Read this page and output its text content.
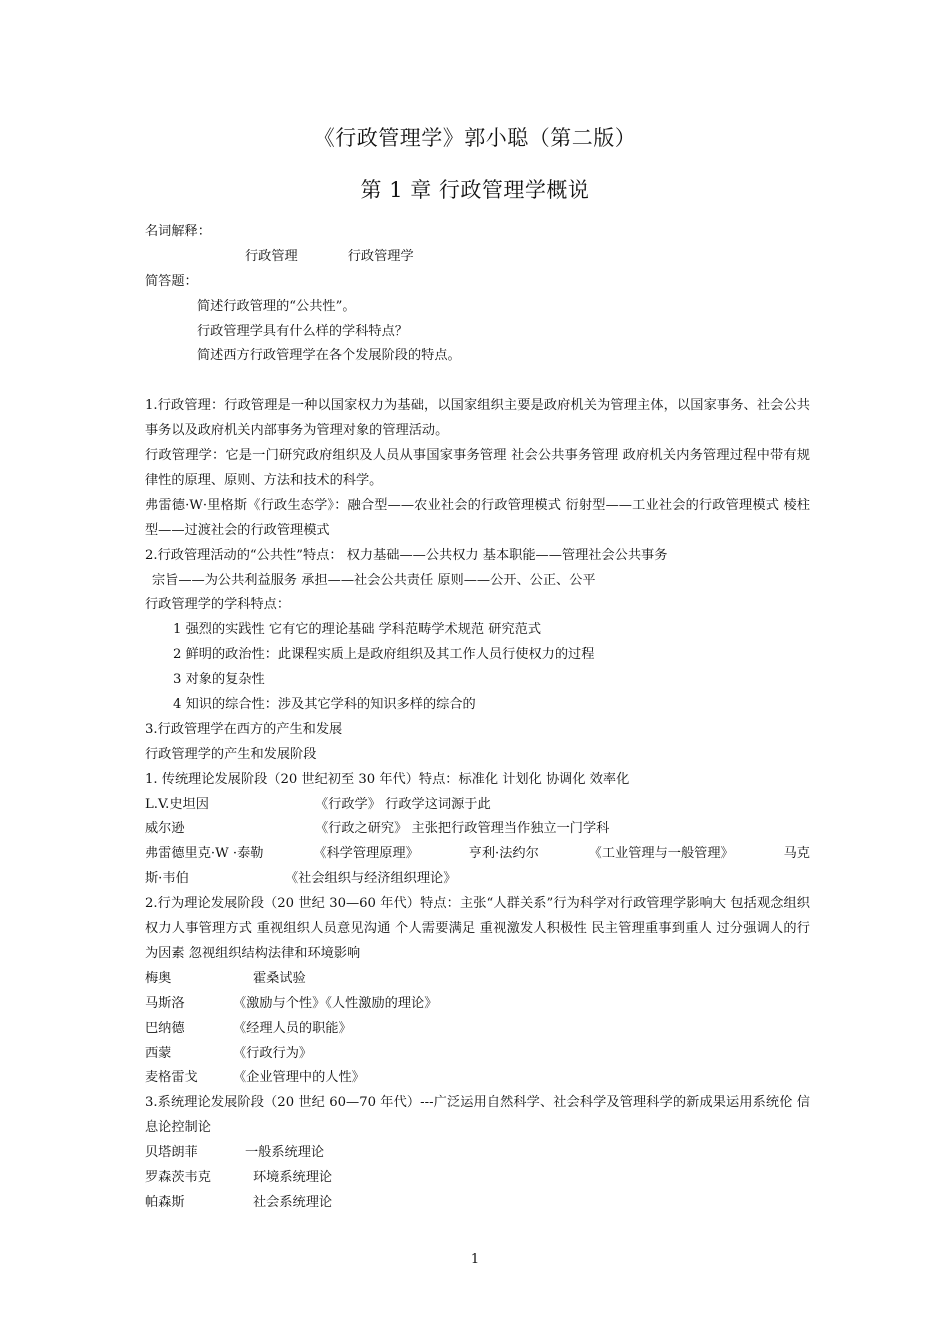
《行政管理学》郭小聪（第二版）
第 1 章 行政管理学概说
名词解释：
行政管理	行政管理学
简答题：
简述行政管理的“公共性”。
行政管理学具有什么样的学科特点？
简述西方行政管理学在各个发展阶段的特点。
1.行政管理：行政管理是一种以国家权力为基础，以国家组织主要是政府机关为管理主体，以国家事务、社会公共事务以及政府机关内部事务为管理对象的管理活动。
行政管理学：它是一门研究政府组织及人员从事国家事务管理 社会公共事务管理 政府机关内务管理过程中带有规律性的原理、原则、方法和技术的科学。
弗雷德·W·里格斯《行政生态学》：融合型——农业社会的行政管理模式 衍射型——工业社会的行政管理模式 棱柱型——过渡社会的行政管理模式
2.行政管理活动的“公共性”特点： 权力基础——公共权力 基本职能——管理社会公共事务
宗旨——为公共利益服务 承担——社会公共责任 原则——公开、公正、公平
行政管理学的学科特点：
1 强烈的实践性 它有它的理论基础 学科范畴学术规范 研究范式
2 鲜明的政治性：此课程实质上是政府组织及其工作人员行使权力的过程
3 对象的复杂性
4 知识的综合性：涉及其它学科的知识多样的综合的
3.行政管理学在西方的产生和发展
行政管理学的产生和发展阶段
1. 传统理论发展阶段（20 世纪初至 30 年代）特点：标准化 计划化 协调化 效率化
L.V.史坦因	《行政学》 行政学这词源于此
威尔逊	《行政之研究》 主张把行政管理当作独立一门学科
弗雷德里克·W ·泰勒	《科学管理原理》	亨利·法约尔	《工业管理与一般管理》	马克
斯·韦伯	《社会组织与经济组织理论》
2.行为理论发展阶段（20 世纪 30—60 年代）特点：主张“人群关系”行为科学对行政管理学影响大 包括观念组织权力人事管理方式 重视组织人员意见沟通 个人需要满足 重视激发人积极性 民主管理重事到重人 过分强调人的行为因素 忽视组织结构法律和环境影响
梅奥	霍桑试验
马斯洛	《激励与个性》《人性激励的理论》
巴纳德	《经理人员的职能》
西蒙	《行政行为》
麦格雷戈	《企业管理中的人性》
3.系统理论发展阶段（20 世纪 60—70 年代）---广泛运用自然科学、社会科学及管理科学的新成果运用系统伦 信息论控制论
贝塔朗菲	一般系统理论
罗森茨韦克	环境系统理论
帕森斯	社会系统理论
1
